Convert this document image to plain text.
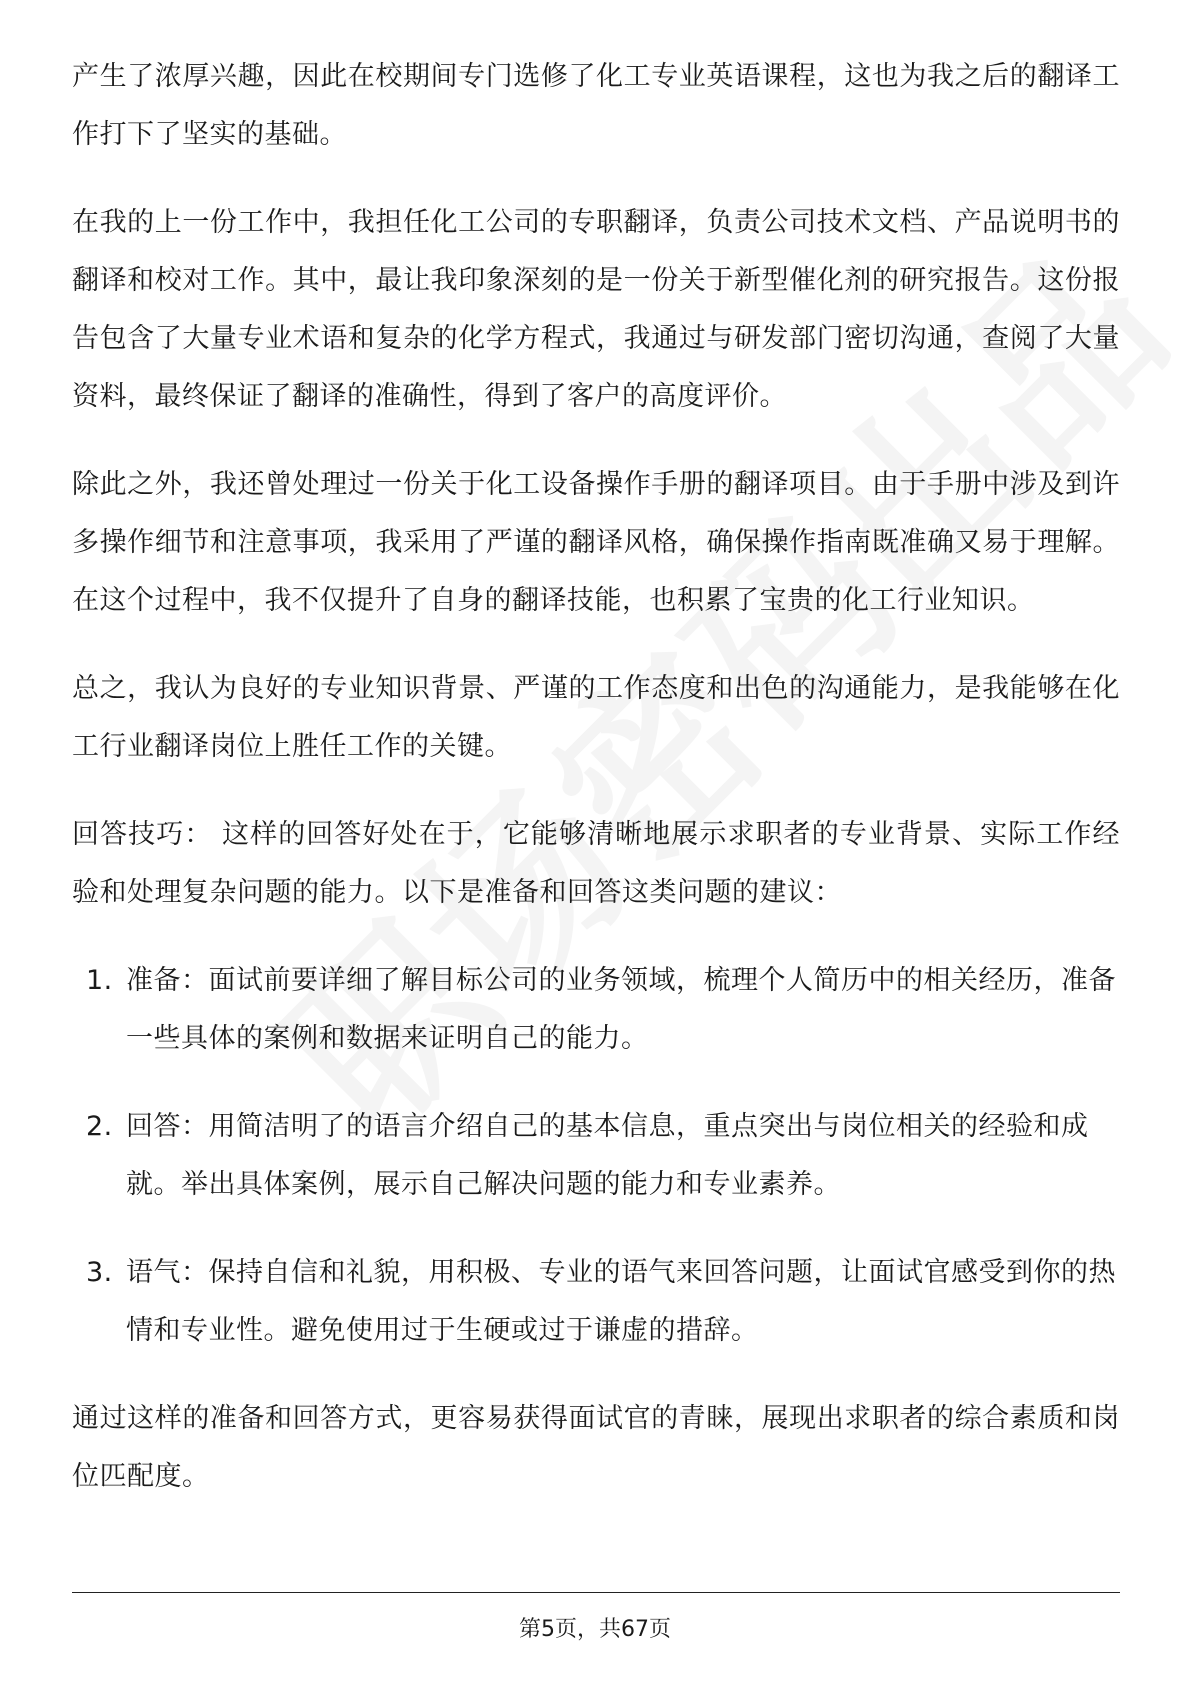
产生了浓厚兴趣，因此在校期间专门选修了化工专业英语课程，这也为我之后的翻译工作打下了坚实的基础。

在我的上一份工作中，我担任化工公司的专职翻译，负责公司技术文档、产品说明书的翻译和校对工作。其中，最让我印象深刻的是一份关于新型催化剂的研究报告。这份报告包含了大量专业术语和复杂的化学方程式，我通过与研发部门密切沟通，查阅了大量资料，最终保证了翻译的准确性，得到了客户的高度评价。

除此之外，我还曾处理过一份关于化工设备操作手册的翻译项目。由于手册中涉及到许多操作细节和注意事项，我采用了严谨的翻译风格，确保操作指南既准确又易于理解。在这个过程中，我不仅提升了自身的翻译技能，也积累了宝贵的化工行业知识。

总之，我认为良好的专业知识背景、严谨的工作态度和出色的沟通能力，是我能够在化工行业翻译岗位上胜任工作的关键。

回答技巧： 这样的回答好处在于，它能够清晰地展示求职者的专业背景、实际工作经验和处理复杂问题的能力。以下是准备和回答这类问题的建议：

1. 准备：面试前要详细了解目标公司的业务领域，梳理个人简历中的相关经历，准备一些具体的案例和数据来证明自己的能力。
2. 回答：用简洁明了的语言介绍自己的基本信息，重点突出与岗位相关的经验和成就。举出具体案例，展示自己解决问题的能力和专业素养。
3. 语气：保持自信和礼貌，用积极、专业的语气来回答问题，让面试官感受到你的热情和专业性。避免使用过于生硬或过于谦虚的措辞。

通过这样的准备和回答方式，更容易获得面试官的青睐，展现出求职者的综合素质和岗位匹配度。

第5页，共67页
